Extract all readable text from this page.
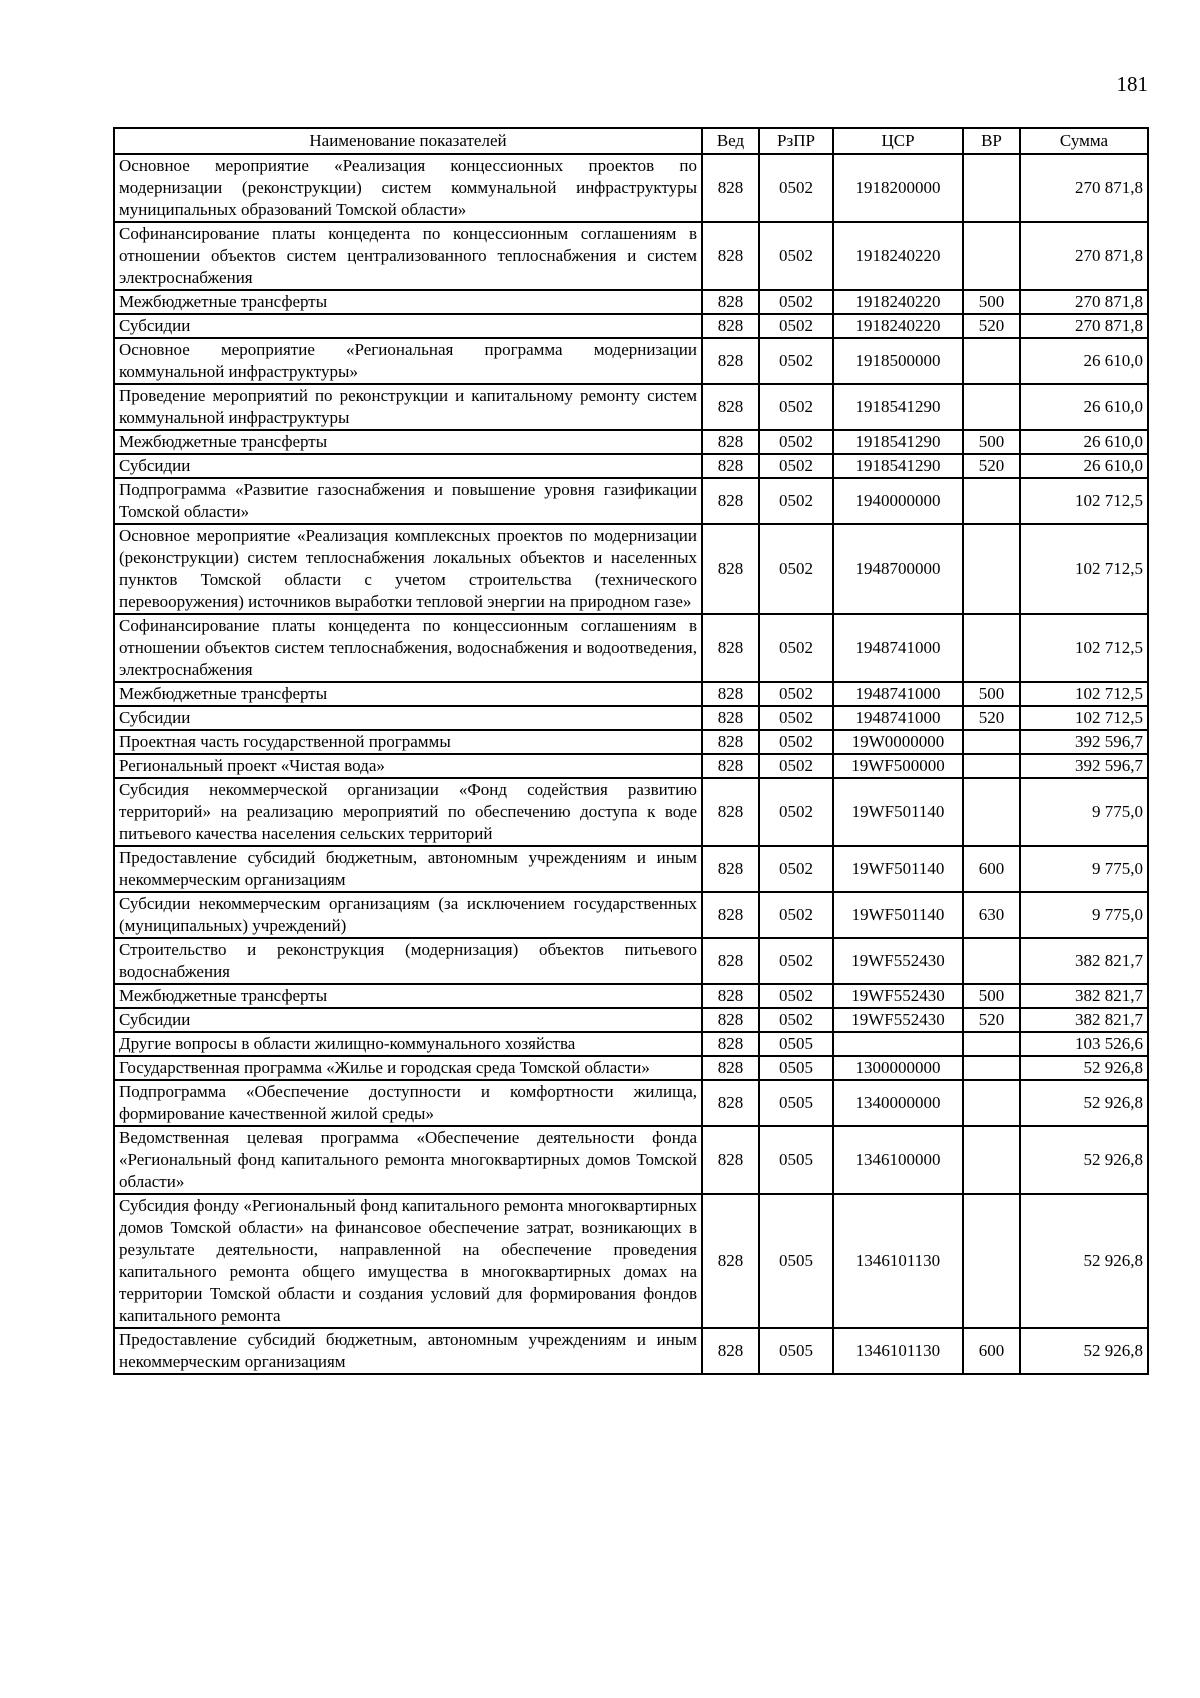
181
Наименование показателей	Вед	РзПР	ЦСР	ВР	Сумма
Основное мероприятие «Реализация концессионных проектов по модернизации (реконструкции) систем коммунальной инфраструктуры муниципальных образований Томской области»	828	0502	1918200000		270 871,8
Софинансирование платы концедента по концессионным соглашениям в отношении объектов систем централизованного теплоснабжения и систем электроснабжения	828	0502	1918240220		270 871,8
Межбюджетные трансферты	828	0502	1918240220	500	270 871,8
Субсидии	828	0502	1918240220	520	270 871,8
Основное мероприятие «Региональная программа модернизации коммунальной инфраструктуры»	828	0502	1918500000		26 610,0
Проведение мероприятий по реконструкции и капитальному ремонту систем коммунальной инфраструктуры	828	0502	1918541290		26 610,0
Межбюджетные трансферты	828	0502	1918541290	500	26 610,0
Субсидии	828	0502	1918541290	520	26 610,0
Подпрограмма «Развитие газоснабжения и повышение уровня газификации Томской области»	828	0502	1940000000		102 712,5
Основное мероприятие «Реализация комплексных проектов по модернизации (реконструкции) систем теплоснабжения локальных объектов и населенных пунктов Томской области с учетом строительства (технического перевооружения) источников выработки тепловой энергии на природном газе»	828	0502	1948700000		102 712,5
Софинансирование платы концедента по концессионным соглашениям в отношении объектов систем теплоснабжения, водоснабжения и водоотведения, электроснабжения	828	0502	1948741000		102 712,5
Межбюджетные трансферты	828	0502	1948741000	500	102 712,5
Субсидии	828	0502	1948741000	520	102 712,5
Проектная часть государственной программы	828	0502	19W0000000		392 596,7
Региональный проект «Чистая вода»	828	0502	19WF500000		392 596,7
Субсидия некоммерческой организации «Фонд содействия развитию территорий» на реализацию мероприятий по обеспечению доступа к воде питьевого качества населения сельских территорий	828	0502	19WF501140		9 775,0
Предоставление субсидий бюджетным, автономным учреждениям и иным некоммерческим организациям	828	0502	19WF501140	600	9 775,0
Субсидии некоммерческим организациям (за исключением государственных (муниципальных) учреждений)	828	0502	19WF501140	630	9 775,0
Строительство и реконструкция (модернизация) объектов питьевого водоснабжения	828	0502	19WF552430		382 821,7
Межбюджетные трансферты	828	0502	19WF552430	500	382 821,7
Субсидии	828	0502	19WF552430	520	382 821,7
Другие вопросы в области жилищно-коммунального хозяйства	828	0505			103 526,6
Государственная программа «Жилье и городская среда Томской области»	828	0505	1300000000		52 926,8
Подпрограмма «Обеспечение доступности и комфортности жилища, формирование качественной жилой среды»	828	0505	1340000000		52 926,8
Ведомственная целевая программа «Обеспечение деятельности фонда «Региональный фонд капитального ремонта многоквартирных домов Томской области»	828	0505	1346100000		52 926,8
Субсидия фонду «Региональный фонд капитального ремонта многоквартирных домов Томской области» на финансовое обеспечение затрат, возникающих в результате деятельности, направленной на обеспечение проведения капитального ремонта общего имущества в многоквартирных домах на территории Томской области и создания условий для формирования фондов капитального ремонта	828	0505	1346101130		52 926,8
Предоставление субсидий бюджетным, автономным учреждениям и иным некоммерческим организациям	828	0505	1346101130	600	52 926,8
